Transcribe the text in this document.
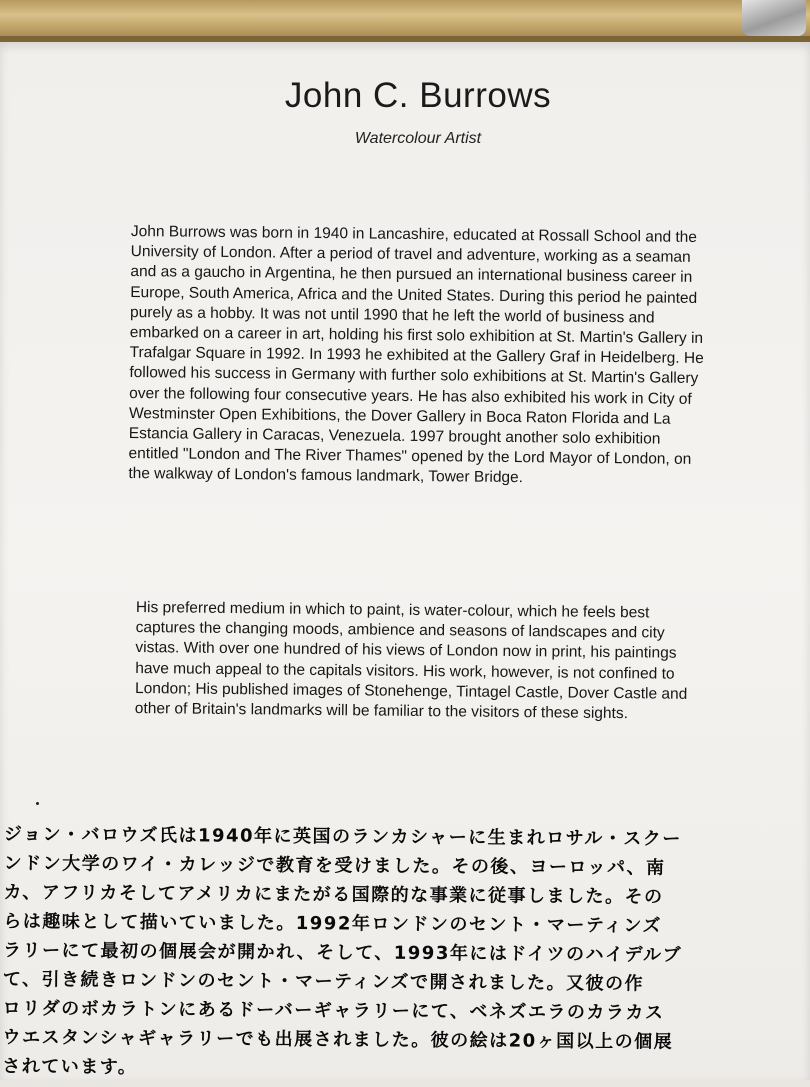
John C. Burrows

Watercolour Artist

John Burrows was born in 1940 in Lancashire, educated at Rossall School and the University of London. After a period of travel and adventure, working as a seaman and as a gaucho in Argentina, he then pursued an international business career in Europe, South America, Africa and the United States. During this period he painted purely as a hobby. It was not until 1990 that he left the world of business and embarked on a career in art, holding his first solo exhibition at St. Martin's Gallery in Trafalgar Square in 1992. In 1993 he exhibited at the Gallery Graf in Heidelberg. He followed his success in Germany with further solo exhibitions at St. Martin's Gallery over the following four consecutive years. He has also exhibited his work in City of Westminster Open Exhibitions, the Dover Gallery in Boca Raton Florida and La Estancia Gallery in Caracas, Venezuela. 1997 brought another solo exhibition entitled "London and The River Thames" opened by the Lord Mayor of London, on the walkway of London's famous landmark, Tower Bridge.

His preferred medium in which to paint, is water-colour, which he feels best captures the changing moods, ambience and seasons of landscapes and city vistas. With over one hundred of his views of London now in print, his paintings have much appeal to the capitals visitors. His work, however, is not confined to London; His published images of Stonehenge, Tintagel Castle, Dover Castle and other of Britain's landmarks will be familiar to the visitors of these sights.

ジョン・バロウズ氏は1940年に英国のランカシャーに生まれロサル・スクー

ンドン大学のワイ・カレッジで教育を受けました。その後、ヨーロッパ、南

カ、アフリカそしてアメリカにまたがる国際的な事業に従事しました。その

らは趣味として描いていました。1992年ロンドンのセント・マーティンズ

ラリーにて最初の個展会が開かれ、そして、1993年にはドイツのハイデルブ

て、引き続きロンドンのセント・マーティンズで開されました。又彼の作

ロリダのボカラトンにあるドーバーギャラリーにて、ベネズエラのカラカス

ウエスタンシャギャラリーでも出展されました。彼の絵は20ヶ国以上の個展

されています。
